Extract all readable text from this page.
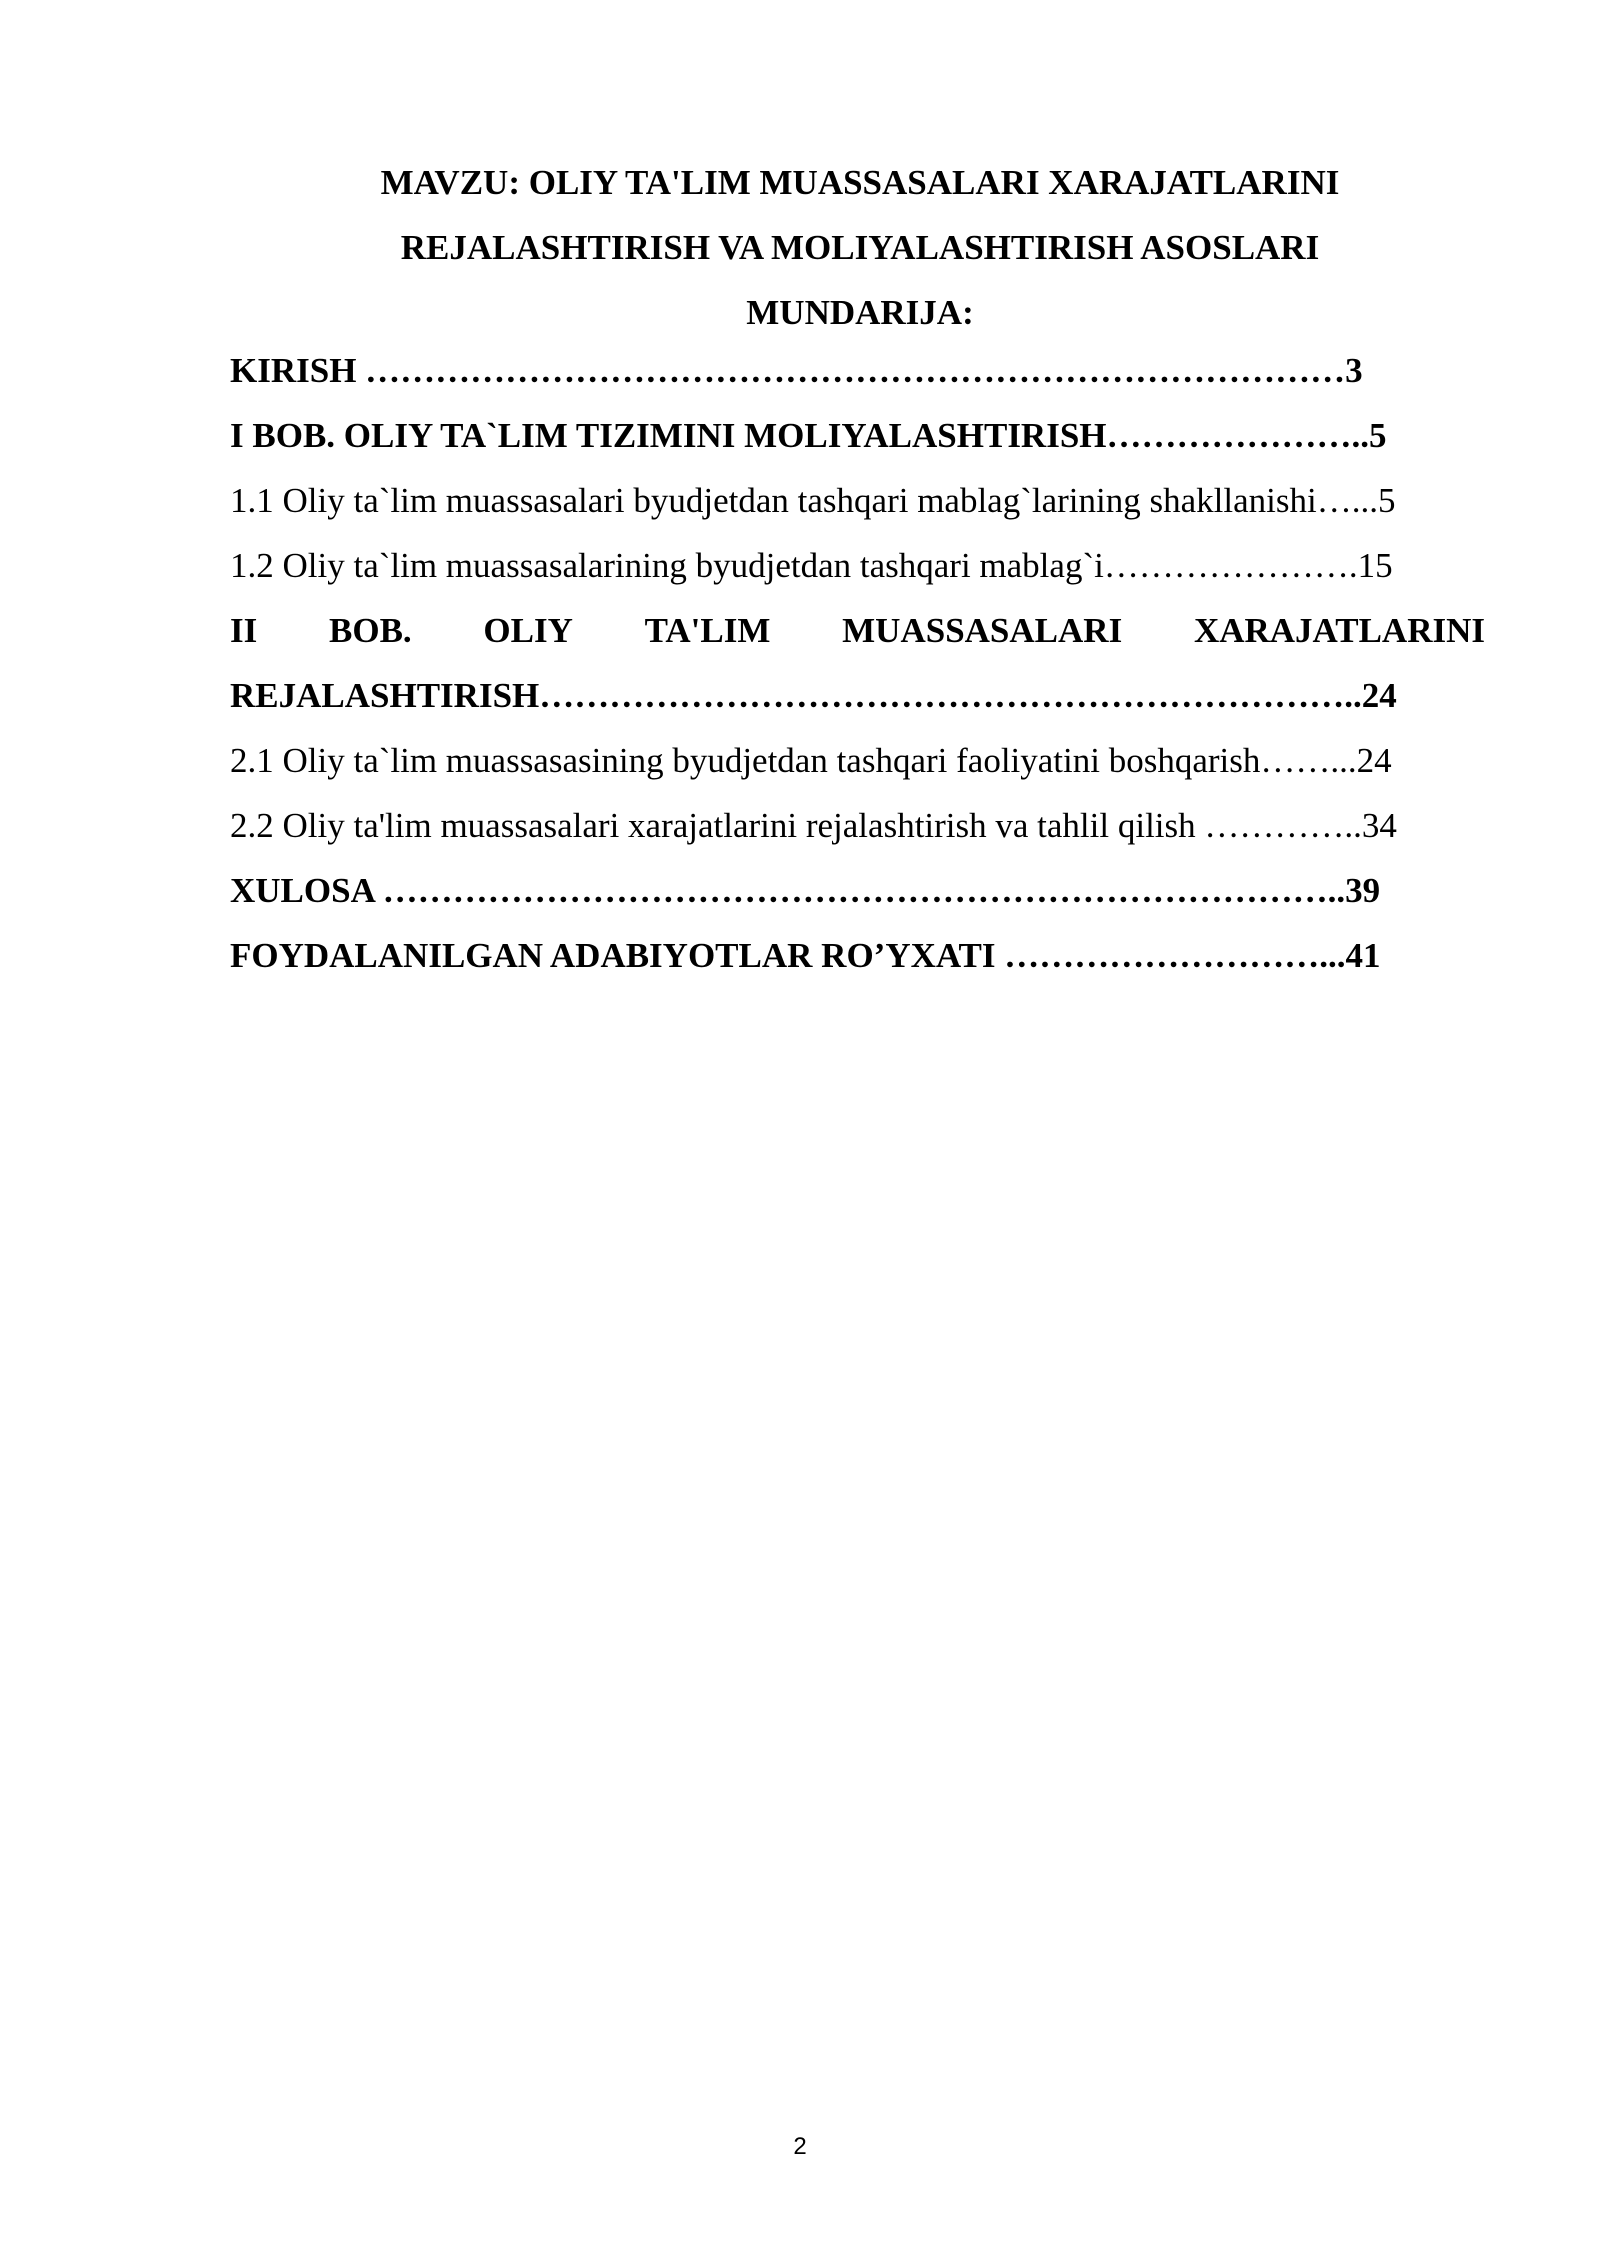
MAVZU: OLIY TA'LIM MUASSASALARI XARAJATLARINI
REJALASHTIRISH VA MOLIYALASHTIRISH ASOSLARI
MUNDARIJA:
KIRISH …………………………………………………………………………3
I BOB. OLIY TA`LIM TIZIMINI MOLIYALASHTIRISH…………………..5
1.1 Oliy ta`lim muassasalari byudjetdan tashqari mablag`larining shakllanishi…...5
1.2 Oliy ta`lim muassasalarining byudjetdan tashqari mablag`i………………….15
II BOB. OLIY TA'LIM MUASSASALARI XARAJATLARINI
REJALASHTIRISH……………………………………………………………..24
2.1 Oliy ta`lim muassasasining byudjetdan tashqari faoliyatini boshqarish……...24
2.2 Oliy ta'lim muassasalari xarajatlarini rejalashtirish va tahlil qilish …………..34
XULOSA ………………………………………………………………………..39
FOYDALANILGAN ADABIYOTLAR RO’YXATI ………………………...41
2
